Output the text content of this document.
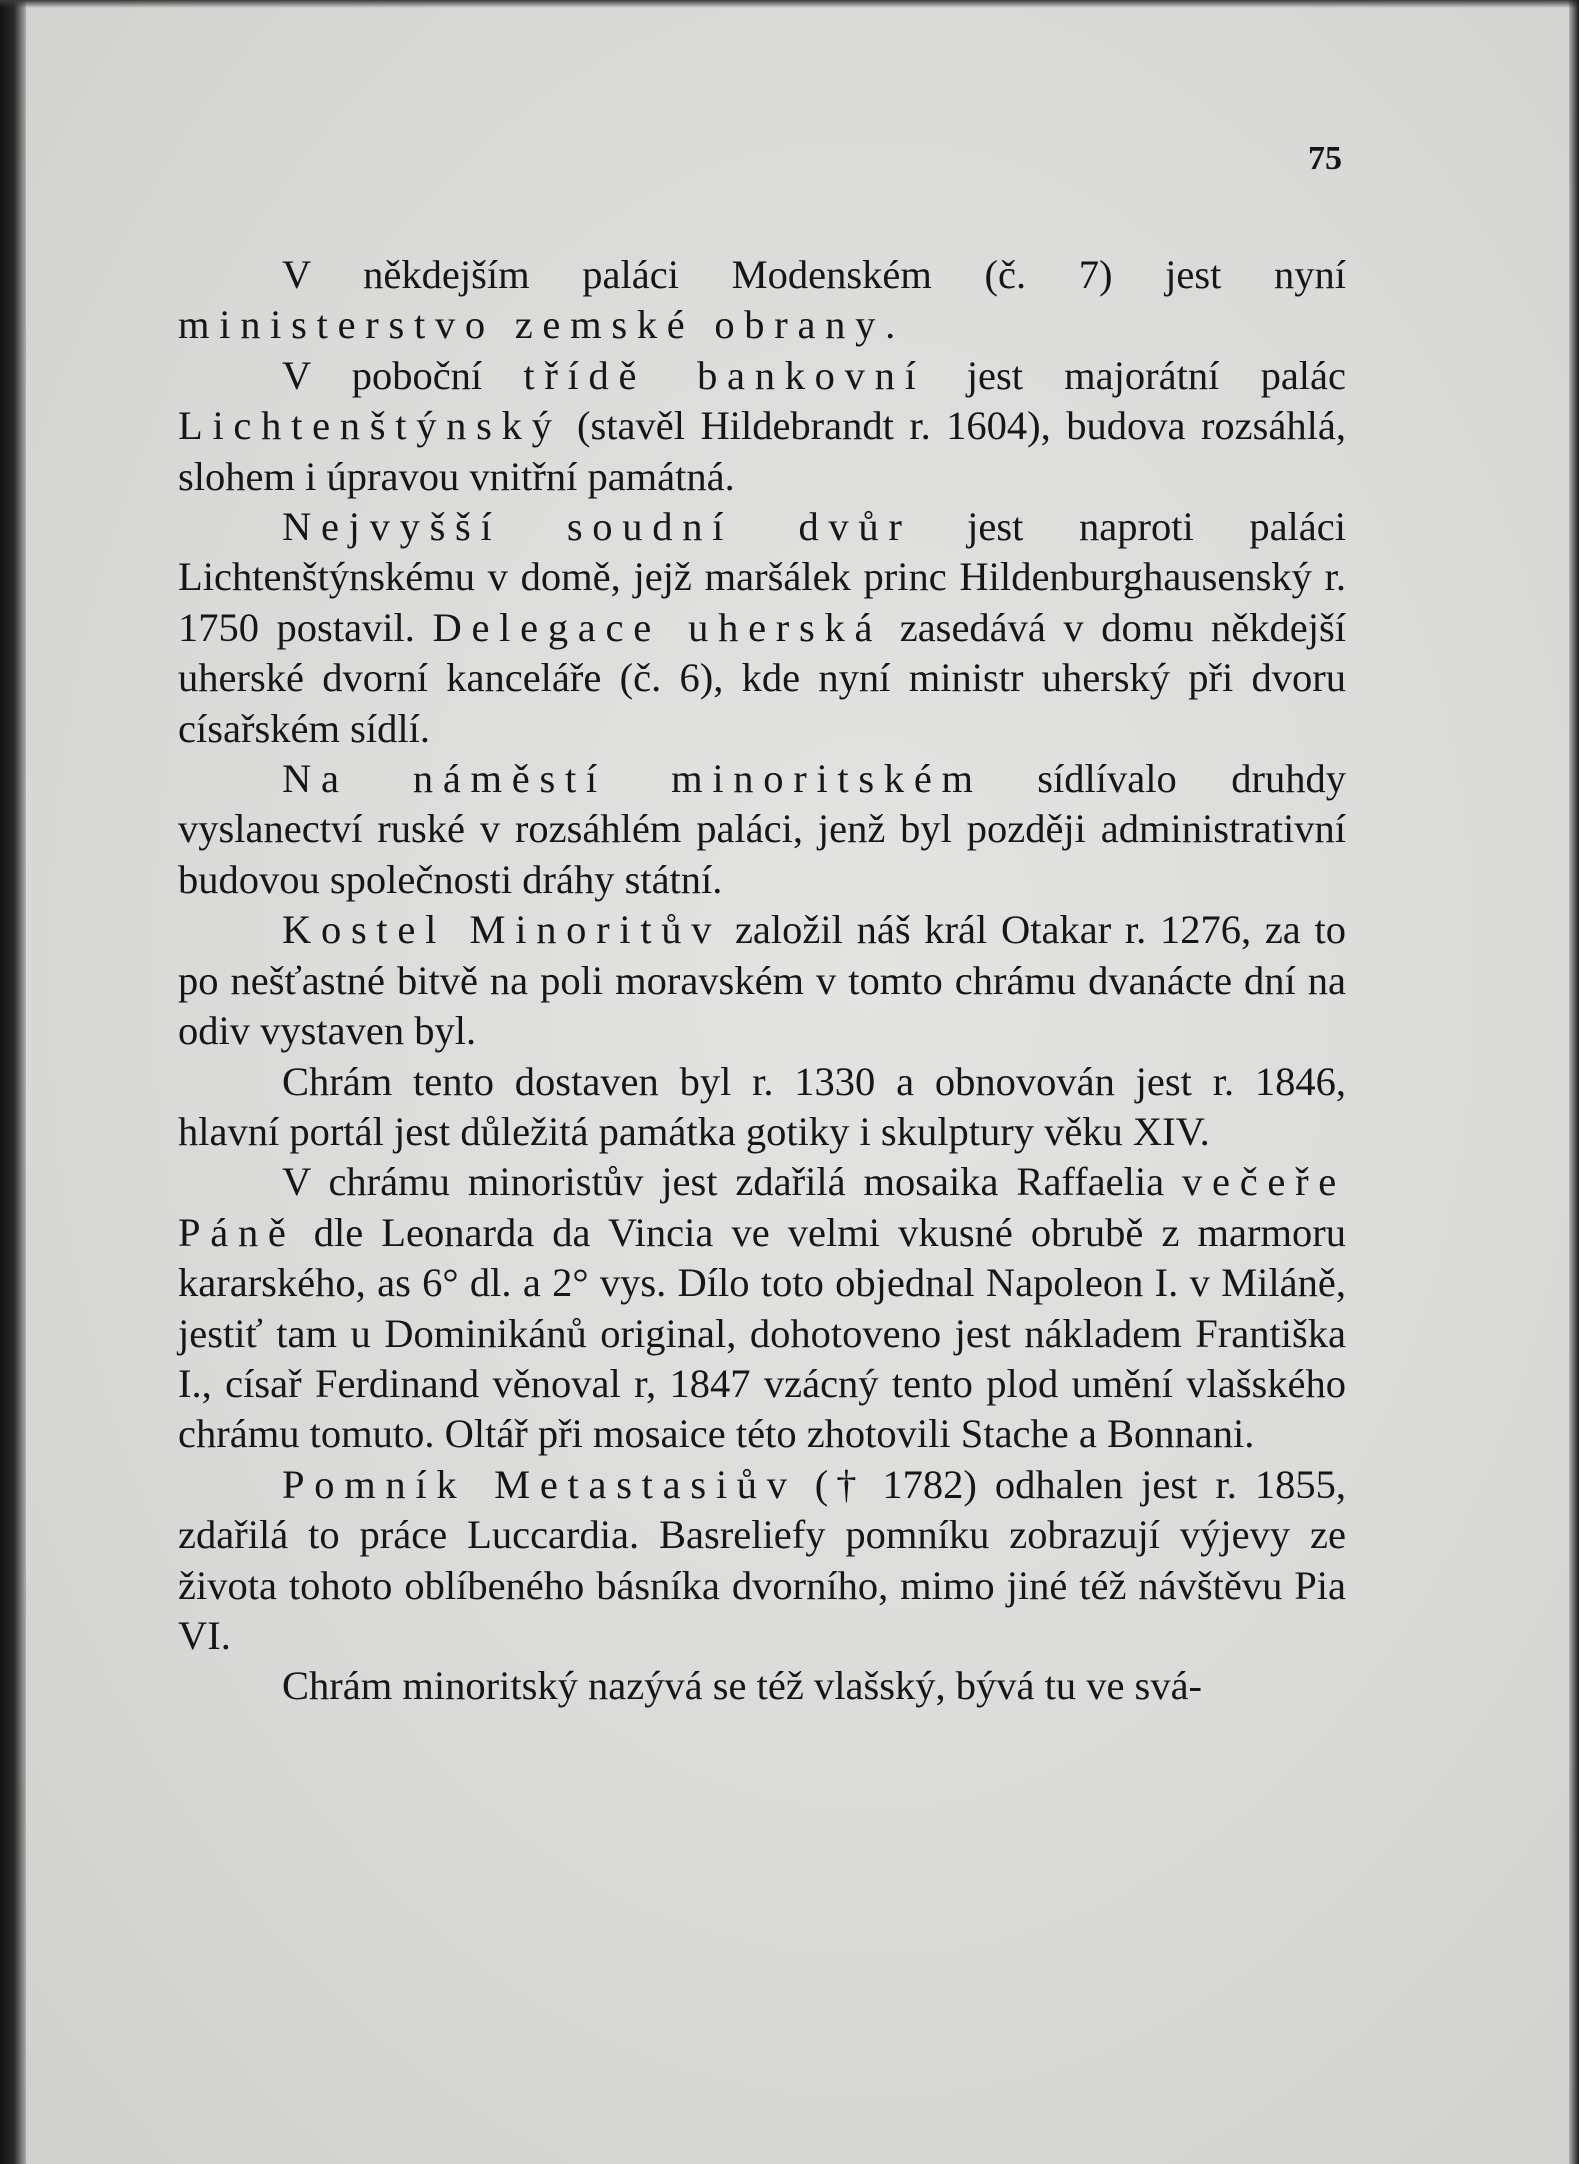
75

V někdejším paláci Modenském (č. 7) jest nyní ministerstvo zemské obrany.

V poboční třídě bankovní jest majorátní palác Lichtenštýnský (stavěl Hildebrandt r. 1604), budova rozsáhlá, slohem i úpravou vnitřní památná.

Nejvyšší soudní dvůr jest naproti paláci Lichtenštýnskému v domě, jejž maršálek princ Hildenburghausenský r. 1750 postavil. Delegace uherská zasedává v domu někdejší uherské dvorní kanceláře (č. 6), kde nyní ministr uherský při dvoru císařském sídlí.

Na náměstí minoritském sídlívalo druhdy vyslanectví ruské v rozsáhlém paláci, jenž byl později administrativní budovou společnosti dráhy státní.

Kostel Minoritův založil náš král Otakar r. 1276, za to po nešťastné bitvě na poli moravském v tomto chrámu dvanácte dní na odiv vystaven byl.

Chrám tento dostaven byl r. 1330 a obnovován jest r. 1846, hlavní portál jest důležitá památka gotiky i skulptury věku XIV.

V chrámu minoristův jest zdařilá mosaika Raffaelia večeře Páně dle Leonarda da Vincia ve velmi vkusné obrubě z marmoru kararského, as 6° dl. a 2° vys. Dílo toto objednal Napoleon I. v Miláně, jestiť tam u Dominikánů original, dohotoveno jest nákladem Františka I., císař Ferdinand věnoval r, 1847 vzácný tento plod umění vlašského chrámu tomuto. Oltář při mosaice této zhotovili Stache a Bonnani.

Pomník Metastasiův († 1782) odhalen jest r. 1855, zdařilá to práce Luccardia. Basreliefy pomníku zobrazují výjevy ze života tohoto oblíbeného básníka dvorního, mimo jiné též návštěvu Pia VI.

Chrám minoritský nazývá se též vlašský, bývá tu ve svá-
